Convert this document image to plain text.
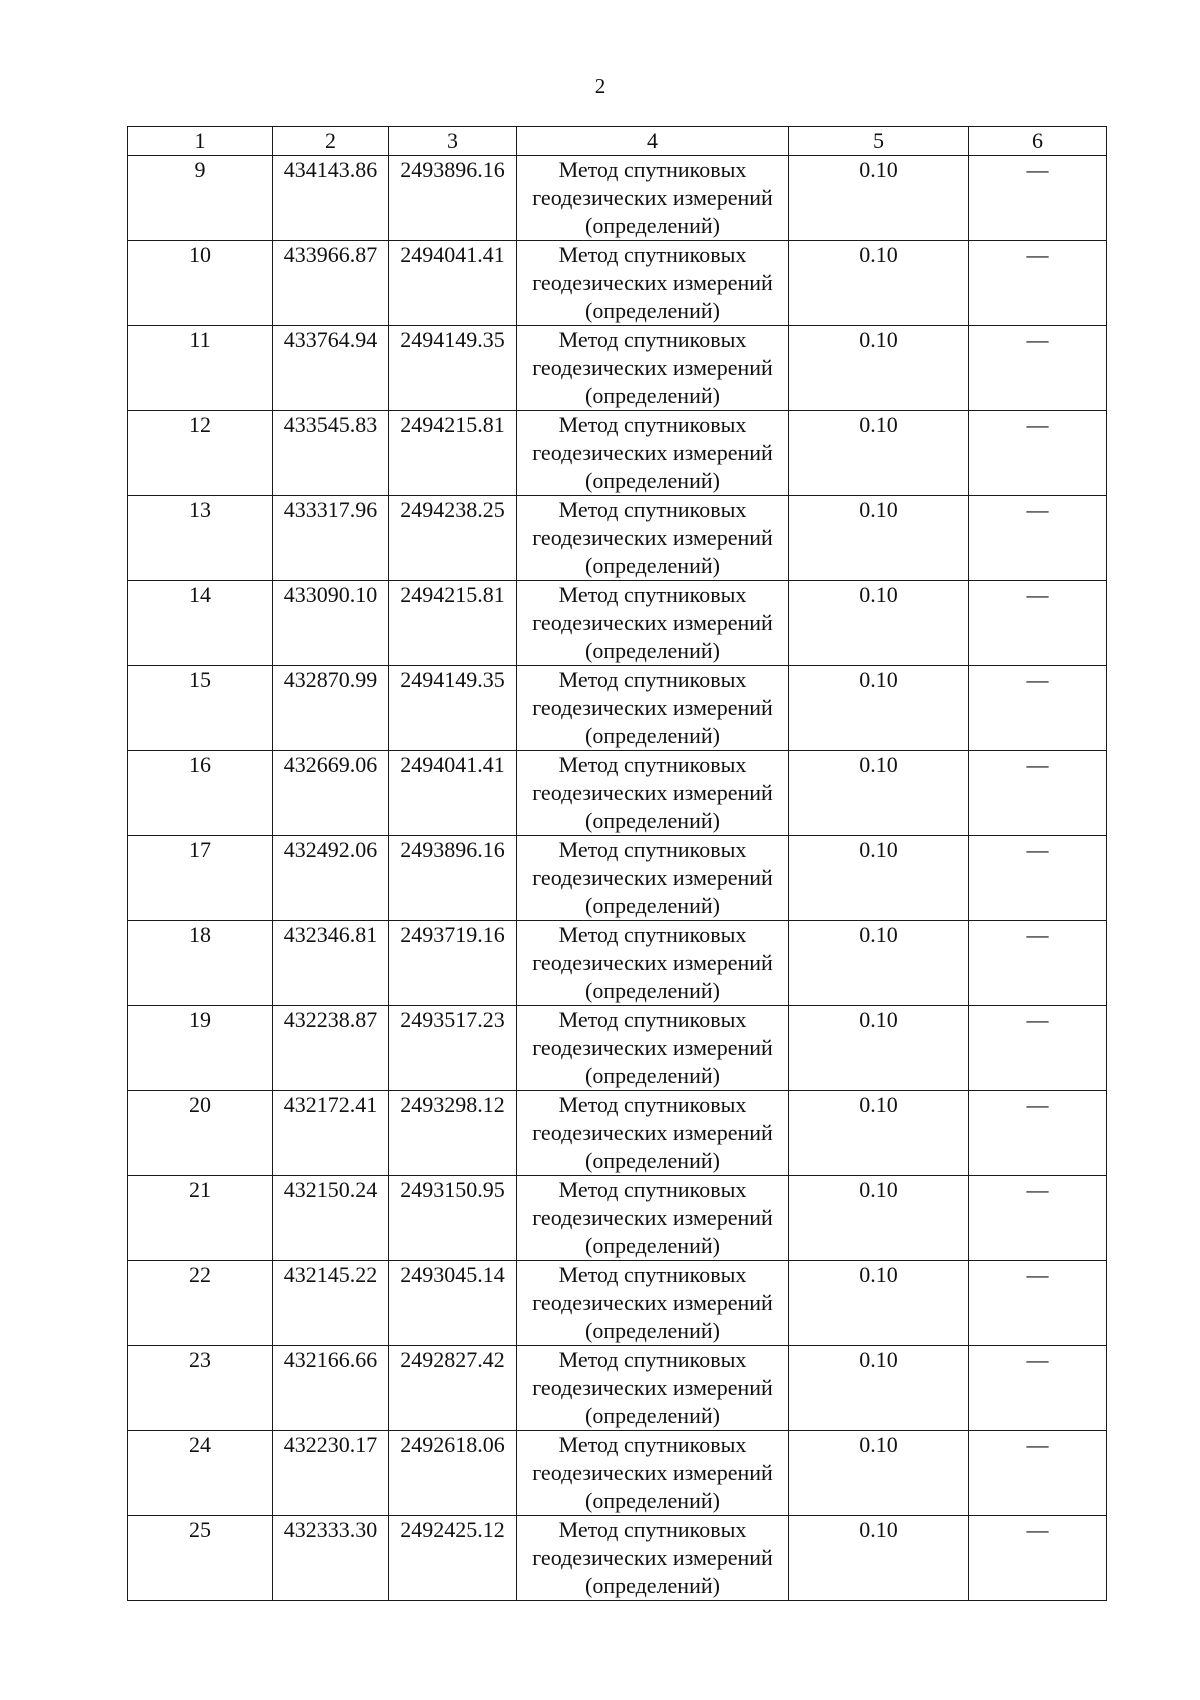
2
1	2	3	4	5	6
9	434143.86	2493896.16	Метод спутниковых
геодезических измерений
(определений)	0.10	—
10	433966.87	2494041.41	Метод спутниковых
геодезических измерений
(определений)	0.10	—
11	433764.94	2494149.35	Метод спутниковых
геодезических измерений
(определений)	0.10	—
12	433545.83	2494215.81	Метод спутниковых
геодезических измерений
(определений)	0.10	—
13	433317.96	2494238.25	Метод спутниковых
геодезических измерений
(определений)	0.10	—
14	433090.10	2494215.81	Метод спутниковых
геодезических измерений
(определений)	0.10	—
15	432870.99	2494149.35	Метод спутниковых
геодезических измерений
(определений)	0.10	—
16	432669.06	2494041.41	Метод спутниковых
геодезических измерений
(определений)	0.10	—
17	432492.06	2493896.16	Метод спутниковых
геодезических измерений
(определений)	0.10	—
18	432346.81	2493719.16	Метод спутниковых
геодезических измерений
(определений)	0.10	—
19	432238.87	2493517.23	Метод спутниковых
геодезических измерений
(определений)	0.10	—
20	432172.41	2493298.12	Метод спутниковых
геодезических измерений
(определений)	0.10	—
21	432150.24	2493150.95	Метод спутниковых
геодезических измерений
(определений)	0.10	—
22	432145.22	2493045.14	Метод спутниковых
геодезических измерений
(определений)	0.10	—
23	432166.66	2492827.42	Метод спутниковых
геодезических измерений
(определений)	0.10	—
24	432230.17	2492618.06	Метод спутниковых
геодезических измерений
(определений)	0.10	—
25	432333.30	2492425.12	Метод спутниковых
геодезических измерений
(определений)	0.10	—
